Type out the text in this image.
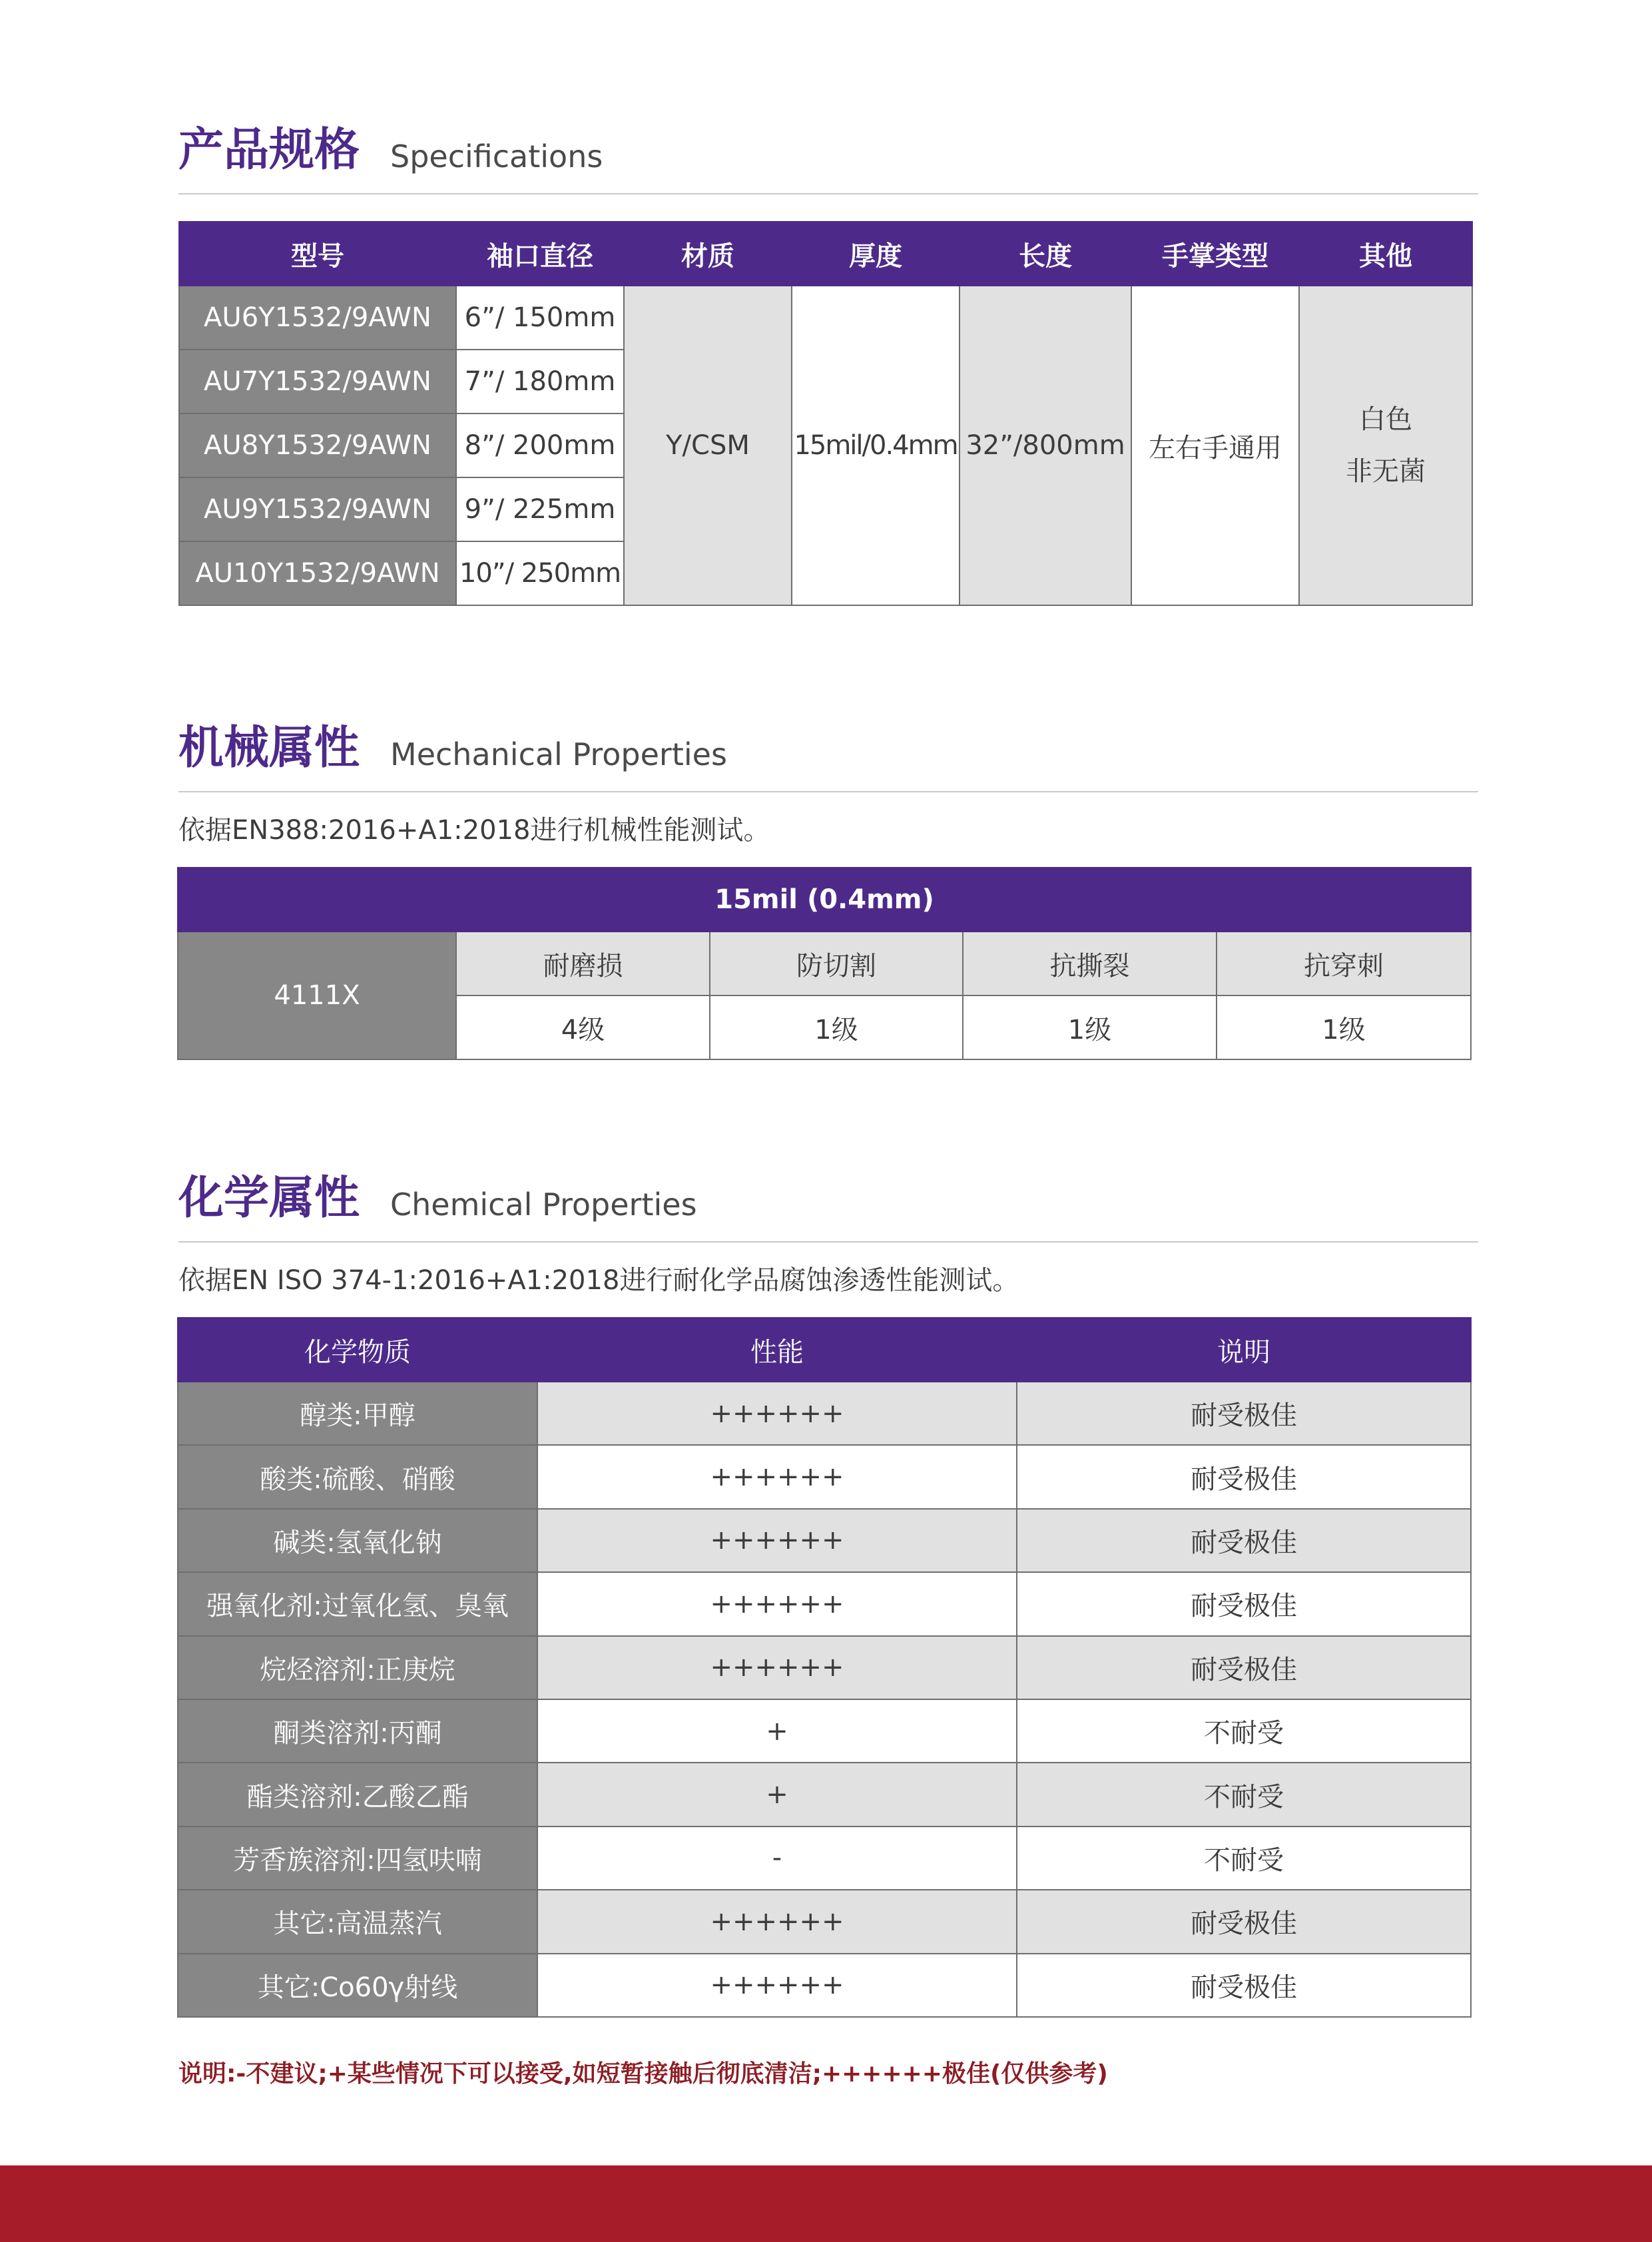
产品规格 Specifications
型号	袖口直径	材质	厚度	长度	手掌类型	其他
AU6Y1532/9AWN	6”/ 150mm	Y/CSM	15mil/0.4mm	32”/800mm	左右手通用	白色
非无菌

AU7Y1532/9AWN	7”/ 180mm					
AU8Y1532/9AWN	8”/ 200mm					
AU9Y1532/9AWN	9”/ 225mm					
AU10Y1532/9AWN	10”/ 250mm					
机械属性 Mechanical Properties
依据EN388:2016+A1:2018进行机械性能测试。
15mil (0.4mm)				
4111X	耐磨损	防切割	抗撕裂	抗穿刺
	4级	1级	1级	1级
化学属性 Chemical Properties
依据EN ISO 374-1:2016+A1:2018进行耐化学品腐蚀渗透性能测试。
化学物质	性能	说明
醇类:甲醇	++++++	耐受极佳
酸类:硫酸、硝酸	++++++	耐受极佳
碱类:氢氧化钠	++++++	耐受极佳
强氧化剂:过氧化氢、臭氧	++++++	耐受极佳
烷烃溶剂:正庚烷	++++++	耐受极佳
酮类溶剂:丙酮	+	不耐受
酯类溶剂:乙酸乙酯	+	不耐受
芳香族溶剂:四氢呋喃	-	不耐受
其它:高温蒸汽	++++++	耐受极佳
其它:Co60γ射线	++++++	耐受极佳
说明:-不建议;+某些情况下可以接受,如短暂接触后彻底清洁;++++++极佳(仅供参考)
